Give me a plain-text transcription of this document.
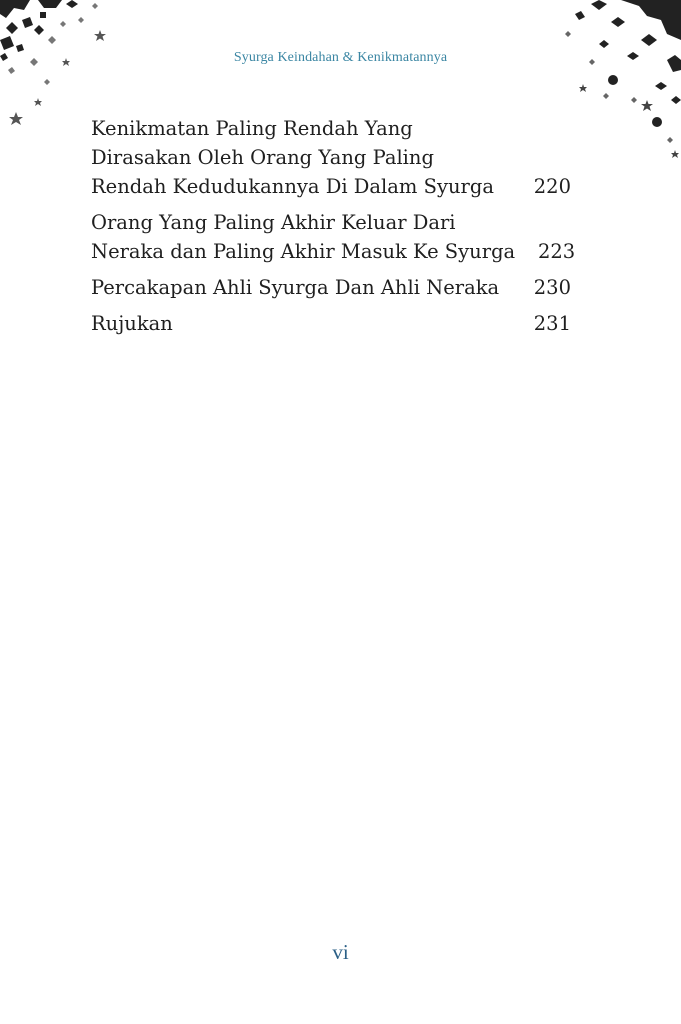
Syurga Keindahan & Kenikmatannya
Kenikmatan Paling Rendah Yang
Dirasakan Oleh Orang Yang Paling
Rendah Kedudukannya Di Dalam Syurga	220
Orang Yang Paling Akhir Keluar Dari
Neraka dan Paling Akhir Masuk Ke Syurga 223
Percakapan Ahli Syurga Dan Ahli Neraka	230
Rujukan	231
vi
